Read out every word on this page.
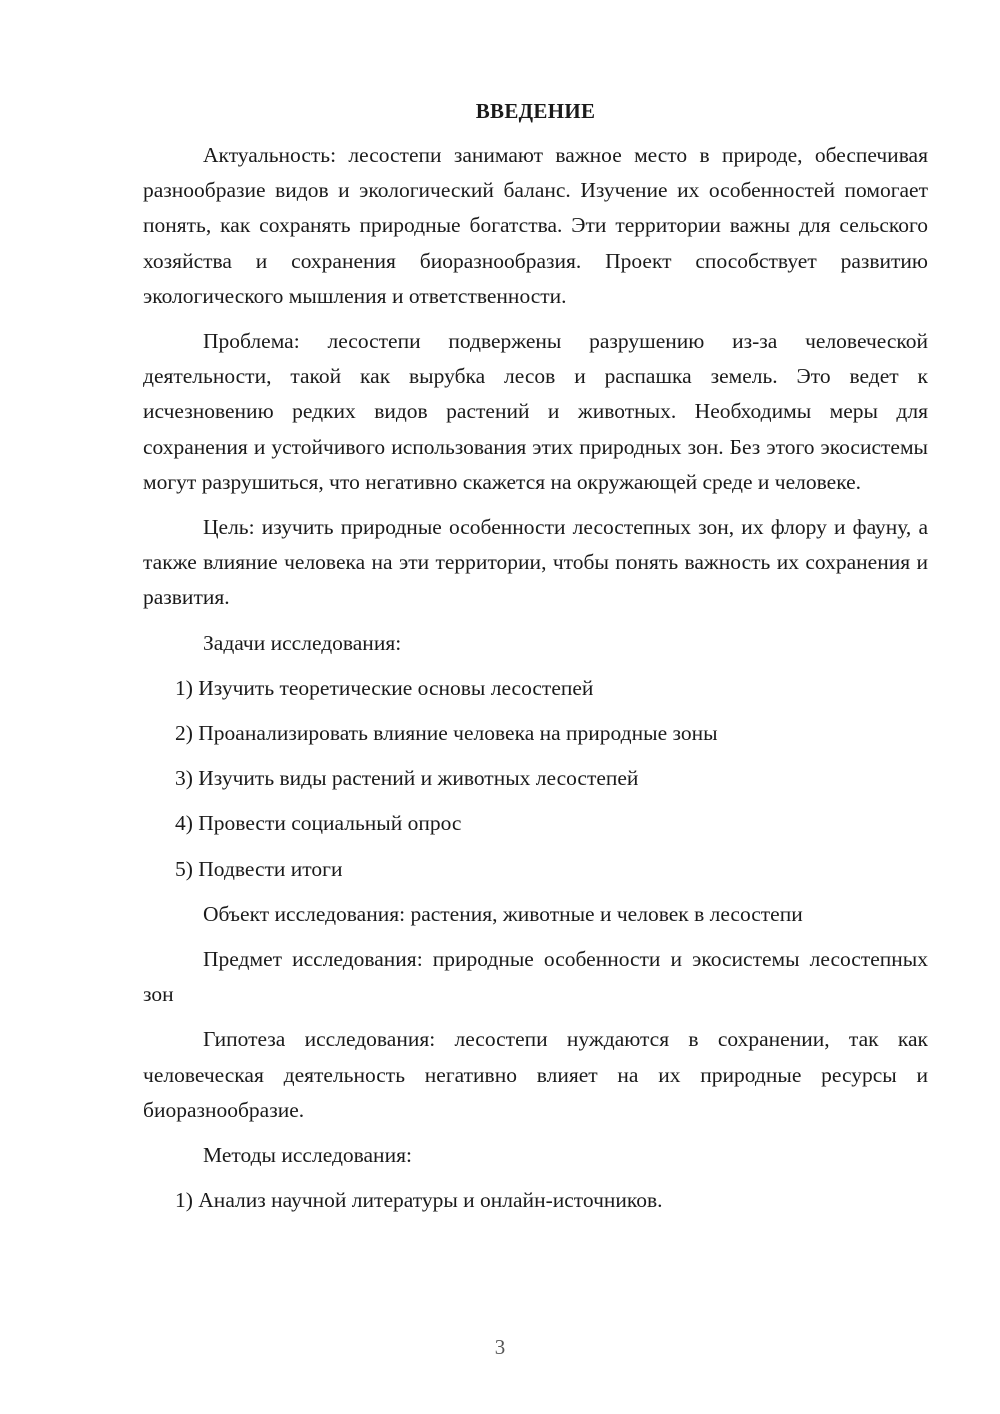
ВВЕДЕНИЕ

Актуальность: лесостепи занимают важное место в природе, обеспечивая разнообразие видов и экологический баланс. Изучение их особенностей помогает понять, как сохранять природные богатства. Эти территории важны для сельского хозяйства и сохранения биоразнообразия. Проект способствует развитию экологического мышления и ответственности.

Проблема: лесостепи подвержены разрушению из-за человеческой деятельности, такой как вырубка лесов и распашка земель. Это ведет к исчезновению редких видов растений и животных. Необходимы меры для сохранения и устойчивого использования этих природных зон. Без этого экосистемы могут разрушиться, что негативно скажется на окружающей среде и человеке.

Цель: изучить природные особенности лесостепных зон, их флору и фауну, а также влияние человека на эти территории, чтобы понять важность их сохранения и развития.

Задачи исследования:
1) Изучить теоретические основы лесостепей
2) Проанализировать влияние человека на природные зоны
3) Изучить виды растений и животных лесостепей
4) Провести социальный опрос
5) Подвести итоги

Объект исследования: растения, животные и человек в лесостепи

Предмет исследования: природные особенности и экосистемы лесостепных зон

Гипотеза исследования: лесостепи нуждаются в сохранении, так как человеческая деятельность негативно влияет на их природные ресурсы и биоразнообразие.

Методы исследования:
1) Анализ научной литературы и онлайн-источников.
3
